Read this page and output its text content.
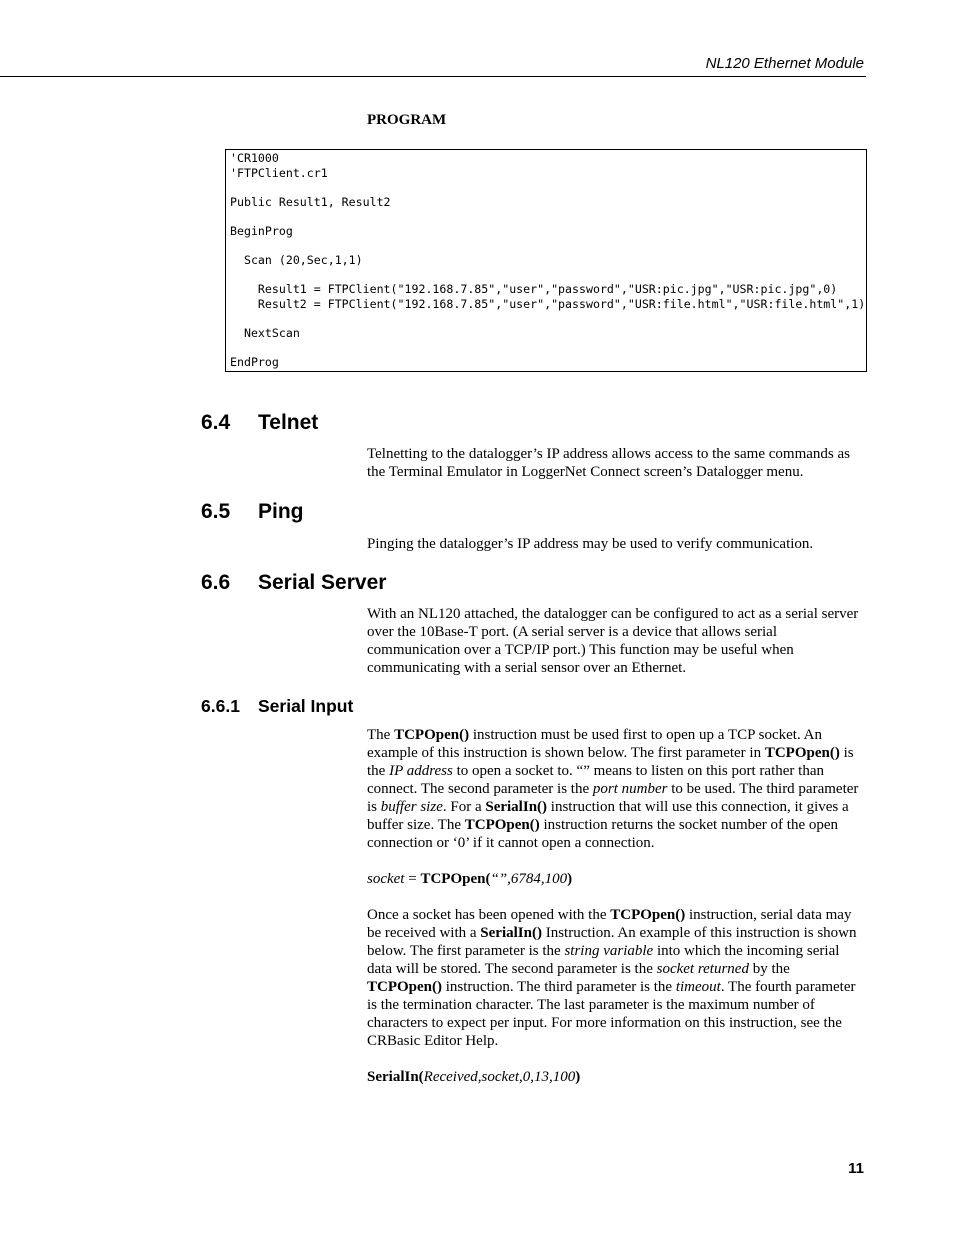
NL120 Ethernet Module
PROGRAM
'CR1000
'FTPClient.cr1
Public Result1, Result2
BeginProg
Scan (20,Sec,1,1)
Result1 = FTPClient("192.168.7.85","user","password","USR:pic.jpg","USR:pic.jpg",0)
Result2 = FTPClient("192.168.7.85","user","password","USR:file.html","USR:file.html",1)
NextScan
EndProg
6.4 Telnet

Telnetting to the datalogger’s IP address allows access to the same commands as the Terminal Emulator in LoggerNet Connect screen’s Datalogger menu.

6.5 Ping

Pinging the datalogger’s IP address may be used to verify communication.

6.6 Serial Server

With an NL120 attached, the datalogger can be configured to act as a serial server over the 10Base-T port. (A serial server is a device that allows serial communication over a TCP/IP port.) This function may be useful when communicating with a serial sensor over an Ethernet.

6.6.1 Serial Input

The TCPOpen() instruction must be used first to open up a TCP socket. An example of this instruction is shown below. The first parameter in TCPOpen() is the IP address to open a socket to. “” means to listen on this port rather than connect. The second parameter is the port number to be used. The third parameter is buffer size. For a SerialIn() instruction that will use this connection, it gives a buffer size. The TCPOpen() instruction returns the socket number of the open connection or ‘0’ if it cannot open a connection.

socket = TCPOpen(“”,6784,100)

Once a socket has been opened with the TCPOpen() instruction, serial data may be received with a SerialIn() Instruction. An example of this instruction is shown below. The first parameter is the string variable into which the incoming serial data will be stored. The second parameter is the socket returned by the TCPOpen() instruction. The third parameter is the timeout. The fourth parameter is the termination character. The last parameter is the maximum number of characters to expect per input. For more information on this instruction, see the CRBasic Editor Help.

SerialIn(Received,socket,0,13,100)

11
